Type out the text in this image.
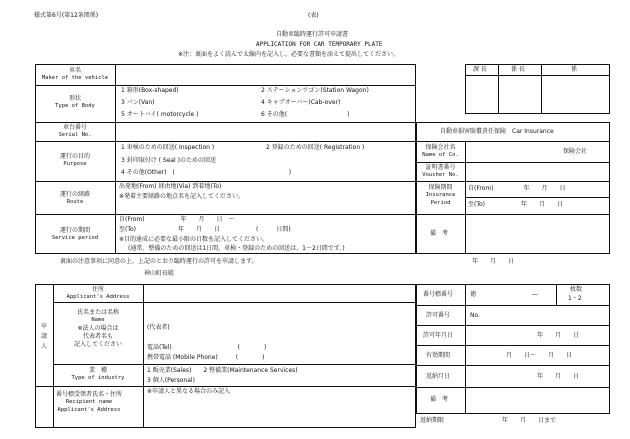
様式第6号(第12条関係)	(表)
自動車臨時運行許可申請書
APPLICATION FOR CAR TEMPORARY PLATE
※注：裏面をよく読んで太線内を記入し、必要な書類を添えて提出してください。
課 長	係 長	係
車名
Maker of the vehicle
形状
Type of Body
1 箱形(Box-shaped)	2 ステーションワゴン(Station Wagon)
3 バン(Van)	4 キャブオーバー(Cab-over)
5 オートバイ( motorcycle )	6 その他(　　　　　　　　　　)
車台番号
Serial No.
運行の目的
Purpose
1 車検のための回送( Inspection )	2 登録のための回送( Registration )
3 封印取付け ( Seal )のための回送
4 その他(Other)　(　　　　　　　　　　　　　　　　　　　)
運行の経路
Route
出発地(From) 経由地(Via) 到着地(To)
※発着主要経路の地点名を記入してください。
運行の期間
Service period
自(From)　　　　　　年　　月　　日　～
至(To)　　　　　　　年　　月　　日　　　　　　(　　　日間)
※目的達成に必要な最小限の日数を記入してください。
(通常、整備のための回送は1日間、車検・登録のための回送は、1～2日間です。)
自動車損害賠償責任保険　Car Insurance
保険会社名
Name of Co.
保険会社
証明書番号
Voucher No.
保険期間
Insurance
Period
自(From)　　　　　年　　月　　日
至(To)　　　　　　年　　月　　日
備　考
裏面の注意事項に同意の上、上記のとおり臨時運行の許可を申請します。	年　　月　　日
神山町長殿
申
請
人
住所
Applicant's Address
氏名または名称
Name
※法人の場合は
代表者名も
記入してください
(代表者)
電話(Tel)　　　　　　　　　　　(　　　　)
携帯電話 (Mobile Phone)　　　(　　　　)
業　種
Type of industry
1 販売業(Sales)　　2 整備業(Maintenance Services)
3 個人(Personal)
番号標受領者氏名・住所
Recipient name
Applicant's Address
※申請人と異なる場合のみ記入
番号標番号	徳	―
枚数
1・2
許可番号	No.
許可年月日	年　　月　　日
有効期間	月　　日～　　月　　日
返納月日	年　　月　　日
備　考
返納期限	年　　月　　日まで
